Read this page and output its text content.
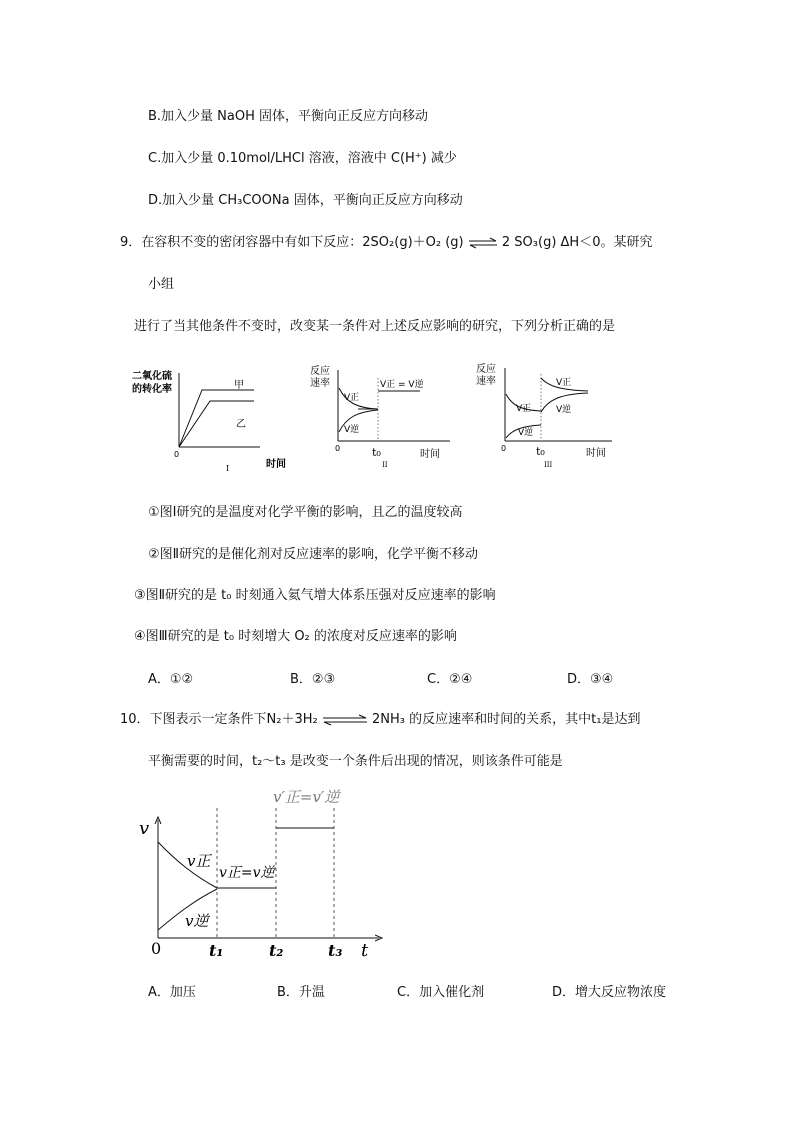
B.加入少量 NaOH 固体，平衡向正反应方向移动
C.加入少量 0.10mol/LHCl 溶液，溶液中 C(H⁺) 减少
D.加入少量 CH₃COONa 固体，平衡向正反应方向移动
9．在容积不变的密闭容器中有如下反应：2SO₂(g)＋O₂ (g) ⇌ 2 SO₃(g) ΔH＜0。某研究
小组
进行了当其他条件不变时，改变某一条件对上述反应影响的研究，下列分析正确的是
二氧化硫
的转化率	甲
乙
0
I	时间
反应
速率
V正
V逆
V正 = V逆
0	t₀
II
时间
反应
速率	V正
V逆
V正
V逆
0	t₀
III
时间
①图Ⅰ研究的是温度对化学平衡的影响，且乙的温度较高
②图Ⅱ研究的是催化剂对反应速率的影响，化学平衡不移动
③图Ⅱ研究的是 t₀ 时刻通入氦气增大体系压强对反应速率的影响
④图Ⅲ研究的是 t₀ 时刻增大 O₂ 的浓度对反应速率的影响
A．①②	B．②③	C．②④	D．③④
10．下图表示一定条件下N₂＋3H₂ ⇌ 2NH₃ 的反应速率和时间的关系，其中t₁是达到
平衡需要的时间，t₂～t₃ 是改变一个条件后出现的情况，则该条件可能是
v
t
0	t₁	t₂	t₃
v正
v逆
v正=v逆
v′正=v′逆
A．加压	B．升温	C．加入催化剂	D．增大反应物浓度
